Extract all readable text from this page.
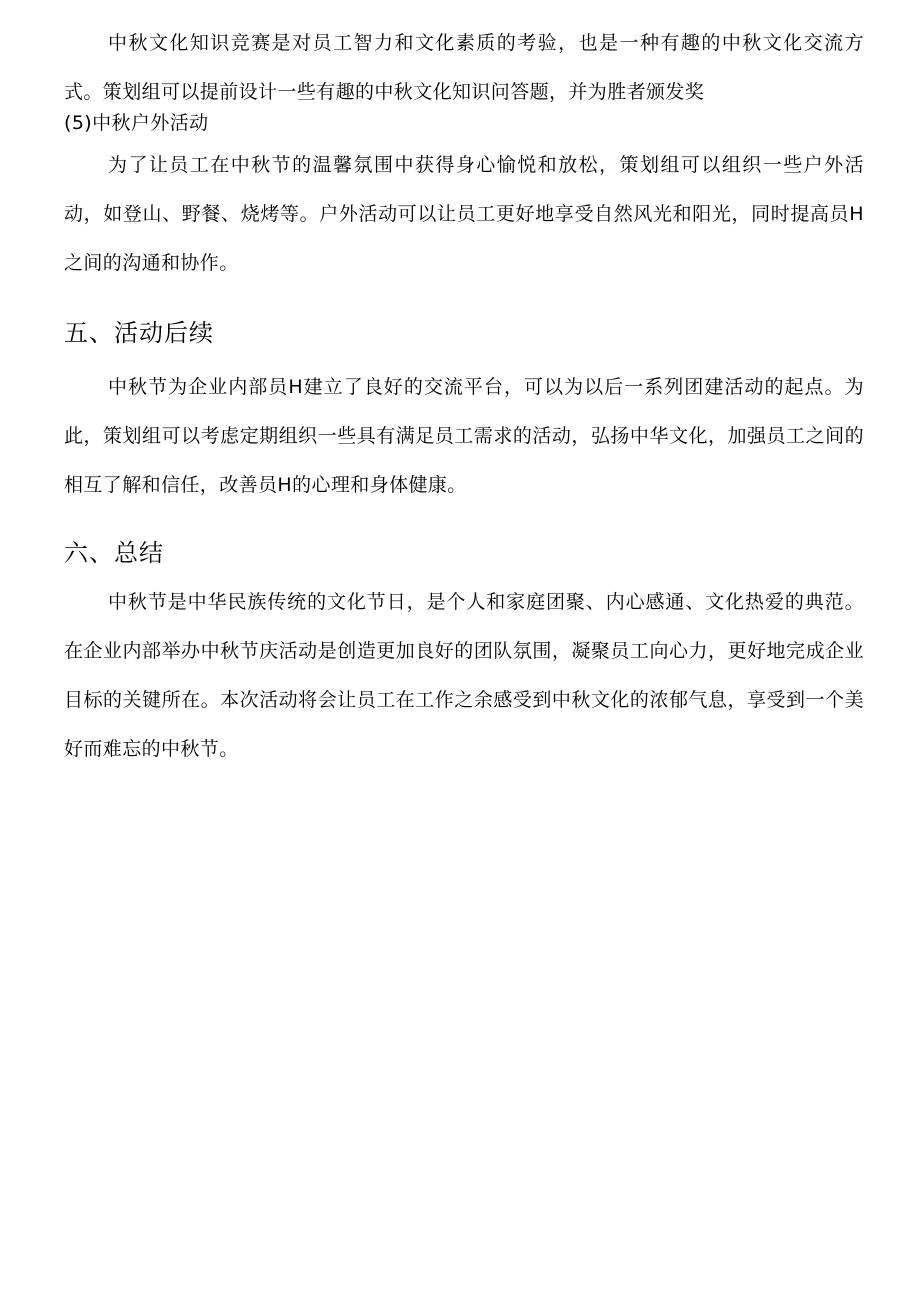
中秋文化知识竞赛是对员工智力和文化素质的考验，也是一种有趣的中秋文化交流方式。策划组可以提前设计一些有趣的中秋文化知识问答题，并为胜者颁发奖

(5)中秋户外活动

为了让员工在中秋节的温馨氛围中获得身心愉悦和放松，策划组可以组织一些户外活动，如登山、野餐、烧烤等。户外活动可以让员工更好地享受自然风光和阳光，同时提高员H之间的沟通和协作。

五、活动后续

中秋节为企业内部员H建立了良好的交流平台，可以为以后一系列团建活动的起点。为此，策划组可以考虑定期组织一些具有满足员工需求的活动，弘扬中华文化，加强员工之间的相互了解和信任，改善员H的心理和身体健康。

六、总结

中秋节是中华民族传统的文化节日，是个人和家庭团聚、内心感通、文化热爱的典范。在企业内部举办中秋节庆活动是创造更加良好的团队氛围，凝聚员工向心力，更好地完成企业目标的关键所在。本次活动将会让员工在工作之余感受到中秋文化的浓郁气息，享受到一个美好而难忘的中秋节。
